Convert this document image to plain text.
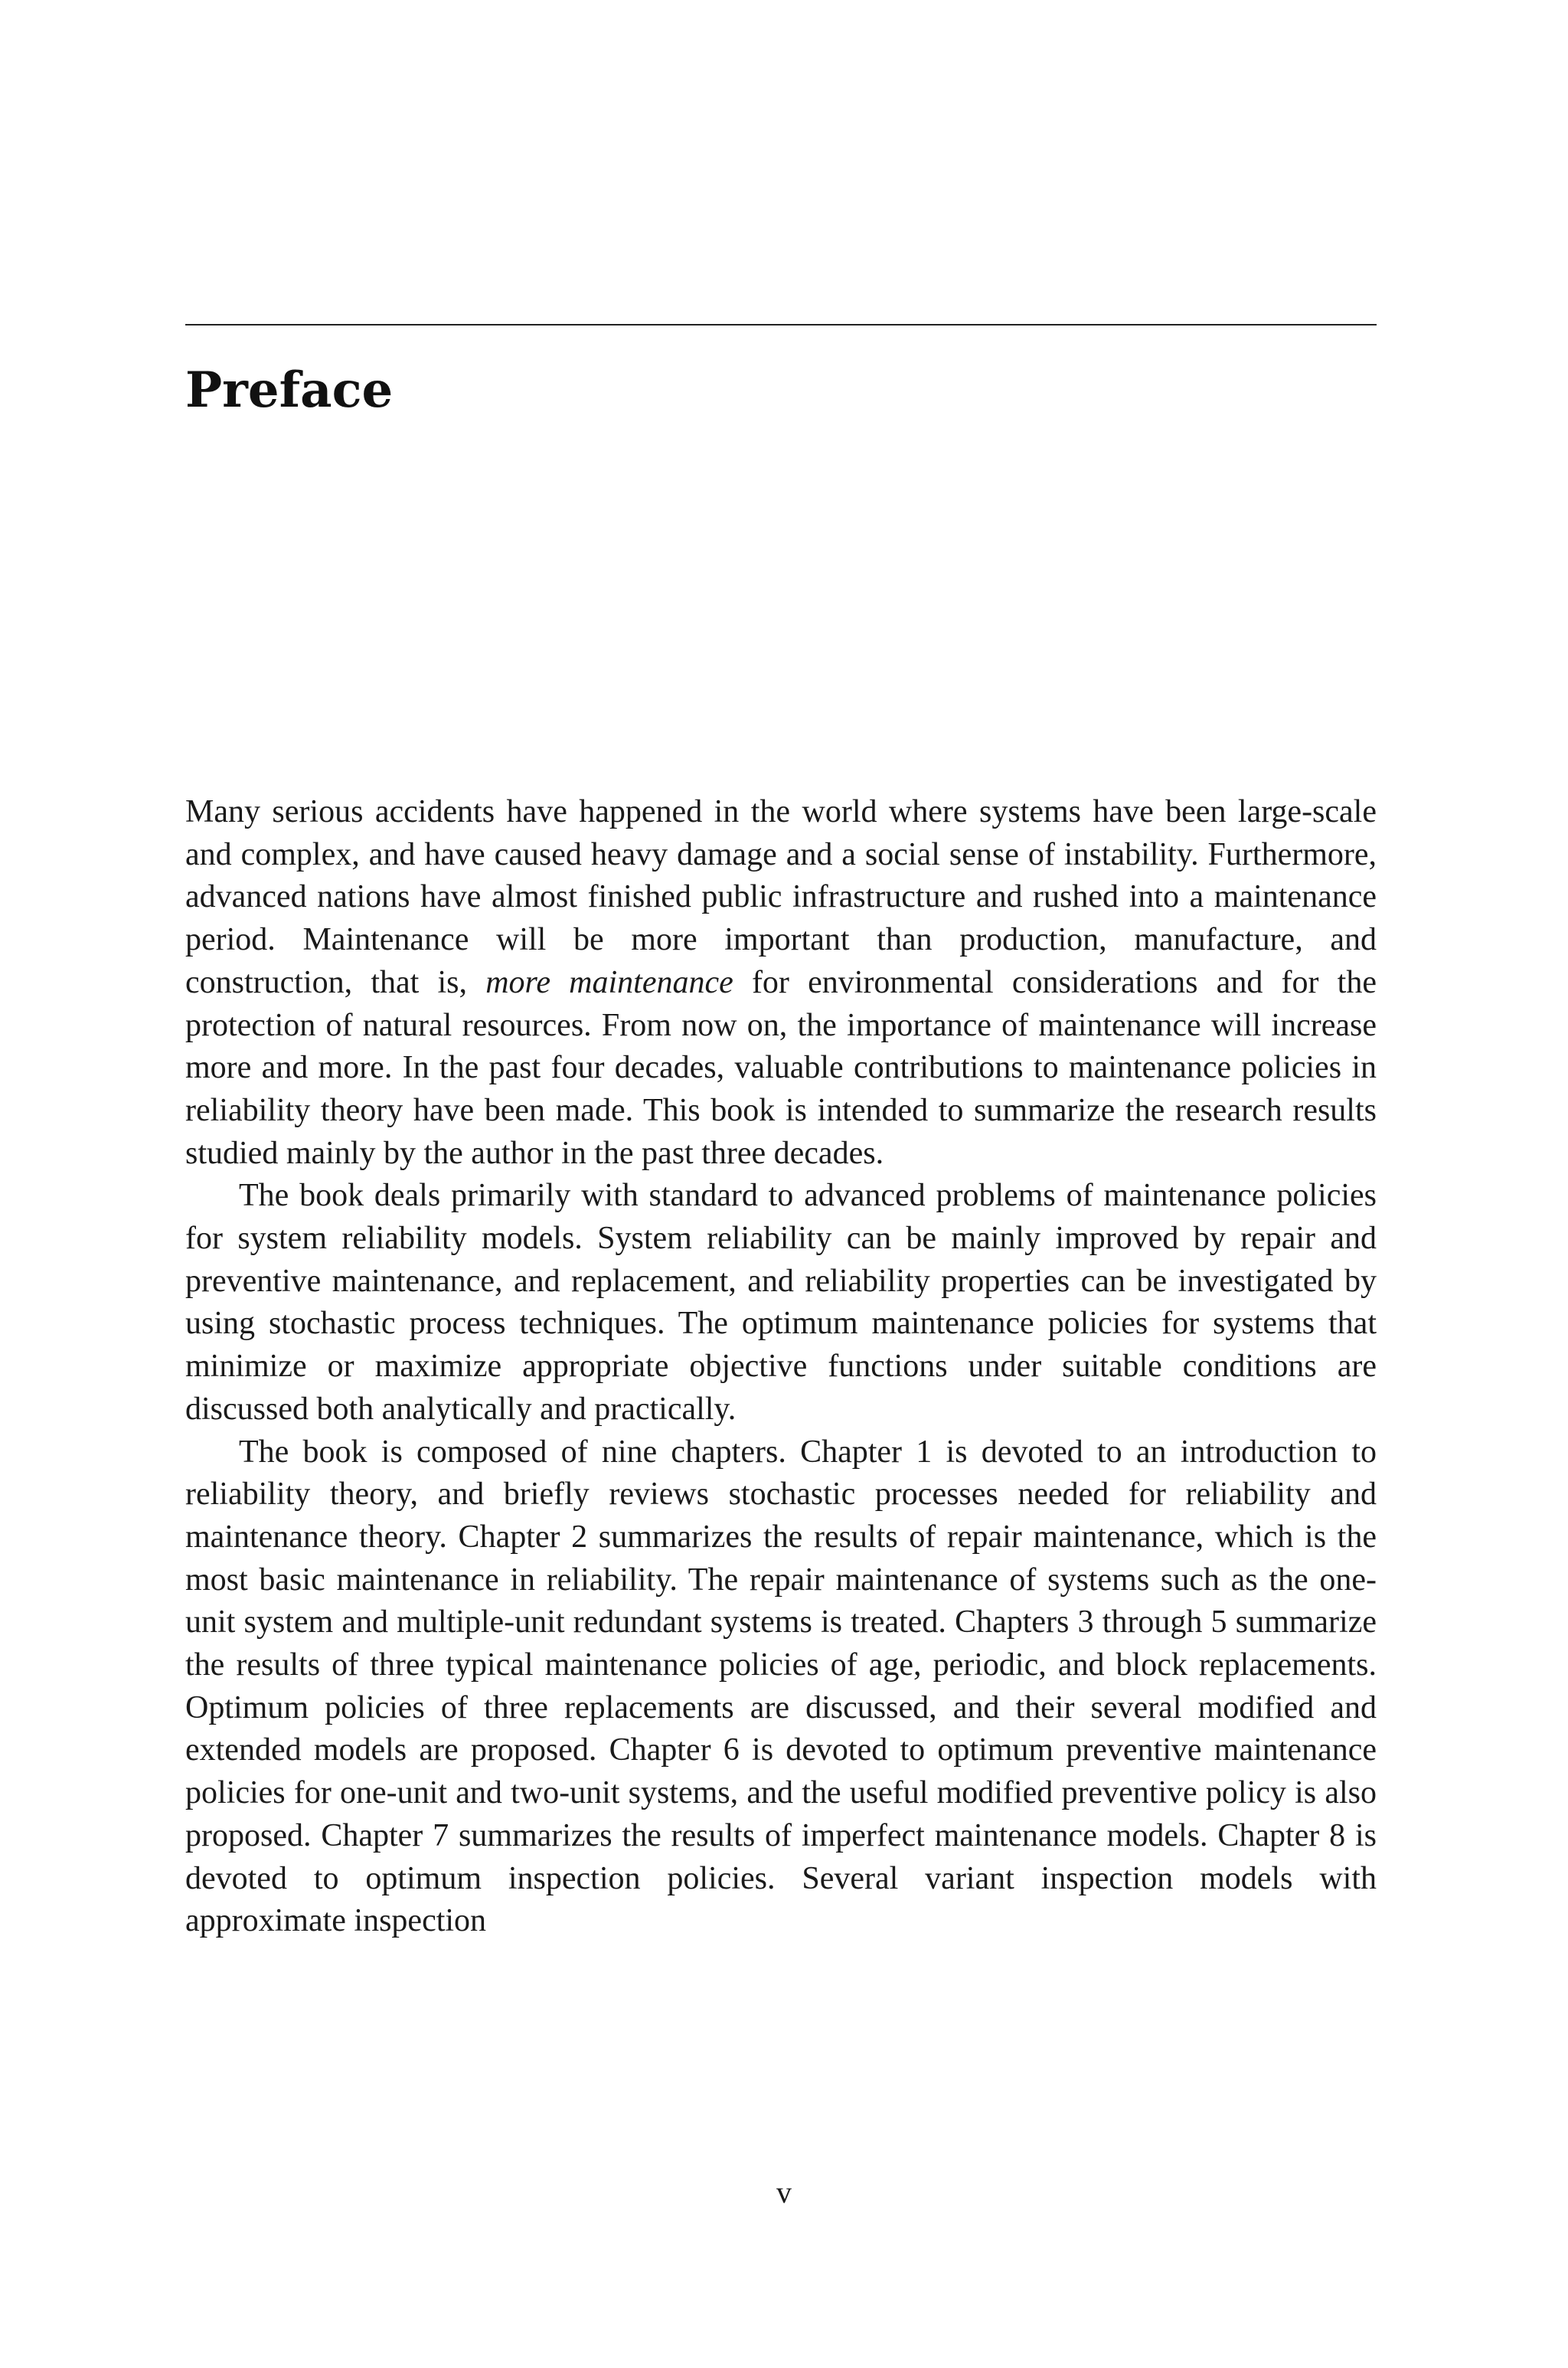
Preface

Many serious accidents have happened in the world where systems have been large-scale and complex, and have caused heavy damage and a social sense of instability. Furthermore, advanced nations have almost finished public infrastructure and rushed into a maintenance period. Maintenance will be more important than production, manufacture, and construction, that is, more maintenance for environmental considerations and for the protection of natural resources. From now on, the importance of maintenance will increase more and more. In the past four decades, valuable contributions to maintenance policies in reliability theory have been made. This book is intended to summarize the research results studied mainly by the author in the past three decades.

The book deals primarily with standard to advanced problems of maintenance policies for system reliability models. System reliability can be mainly improved by repair and preventive maintenance, and replacement, and reliability properties can be investigated by using stochastic process techniques. The optimum maintenance policies for systems that minimize or maximize appropriate objective functions under suitable conditions are discussed both analytically and practically.

The book is composed of nine chapters. Chapter 1 is devoted to an introduction to reliability theory, and briefly reviews stochastic processes needed for reliability and maintenance theory. Chapter 2 summarizes the results of repair maintenance, which is the most basic maintenance in reliability. The repair maintenance of systems such as the one-unit system and multiple-unit redundant systems is treated. Chapters 3 through 5 summarize the results of three typical maintenance policies of age, periodic, and block replacements. Optimum policies of three replacements are discussed, and their several modified and extended models are proposed. Chapter 6 is devoted to optimum preventive maintenance policies for one-unit and two-unit systems, and the useful modified preventive policy is also proposed. Chapter 7 summarizes the results of imperfect maintenance models. Chapter 8 is devoted to optimum inspection policies. Several variant inspection models with approximate inspection

v
